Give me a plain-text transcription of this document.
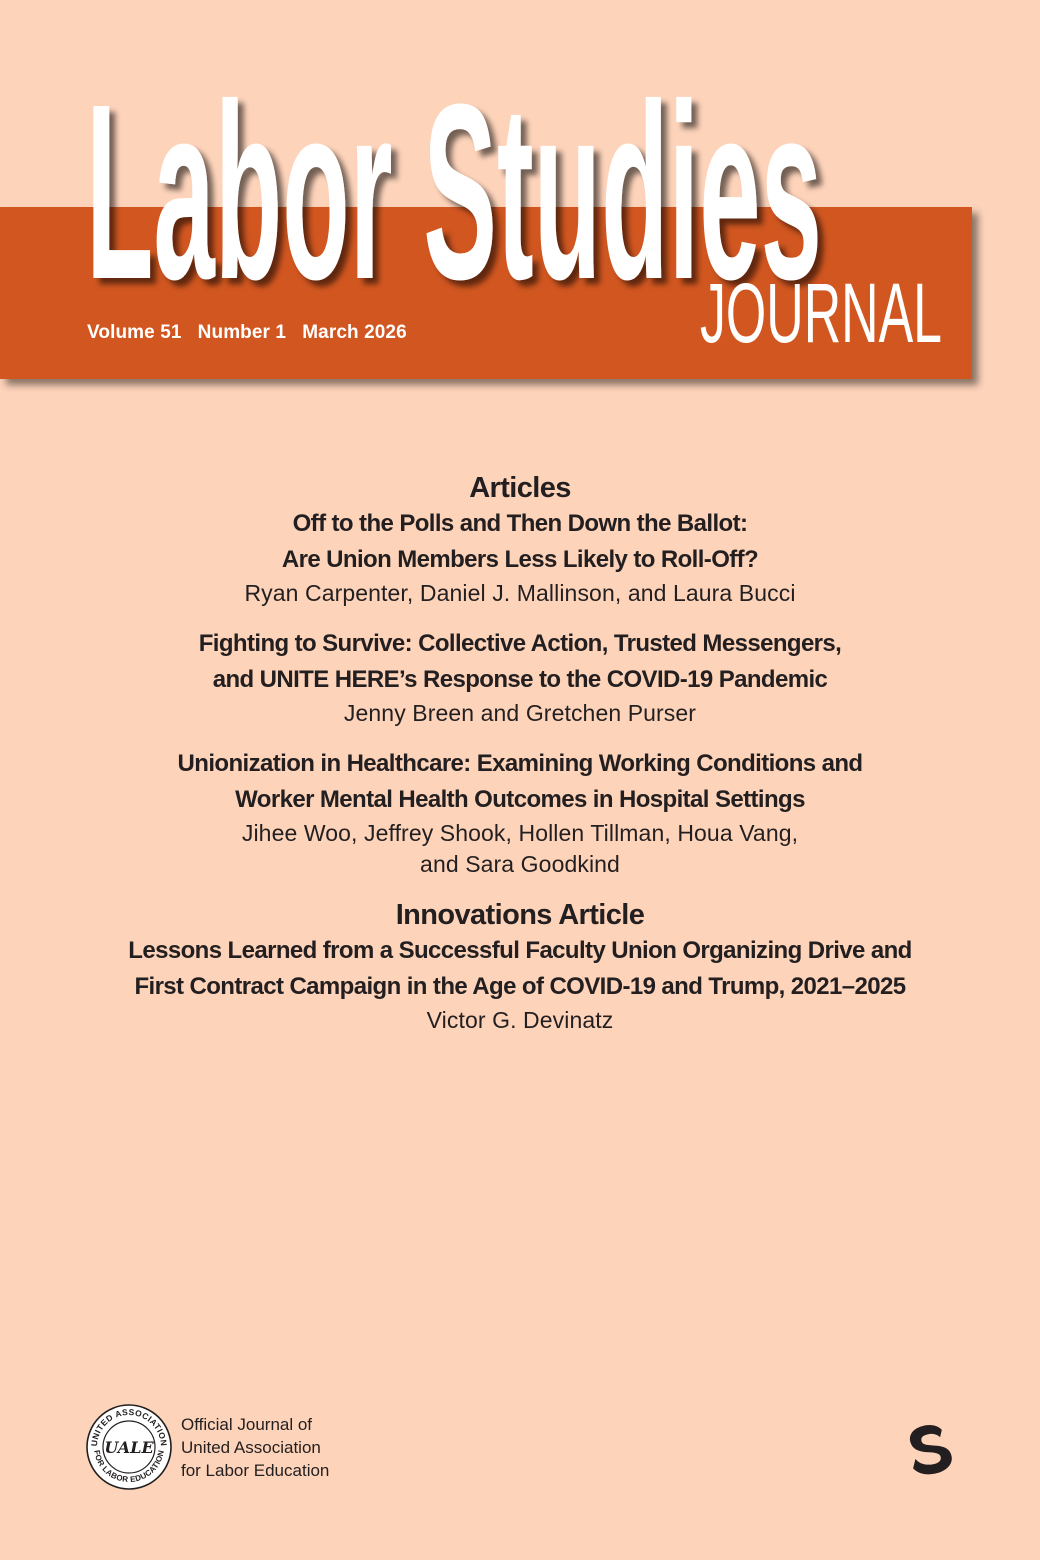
Labor Studies
JOURNAL
Volume 51   Number 1   March 2026
Articles
Off to the Polls and Then Down the Ballot:
Are Union Members Less Likely to Roll-Off?
Ryan Carpenter, Daniel J. Mallinson, and Laura Bucci
Fighting to Survive: Collective Action, Trusted Messengers,
and UNITE HERE’s Response to the COVID-19 Pandemic
Jenny Breen and Gretchen Purser
Unionization in Healthcare: Examining Working Conditions and
Worker Mental Health Outcomes in Hospital Settings
Jihee Woo, Jeffrey Shook, Hollen Tillman, Houa Vang,
and Sara Goodkind
Innovations Article
Lessons Learned from a Successful Faculty Union Organizing Drive and
First Contract Campaign in the Age of COVID-19 and Trump, 2021–2025
Victor G. Devinatz
UNITED ASSOCIATION
FOR LABOR EDUCATION
UALE
Official Journal of
United Association
for Labor Education
